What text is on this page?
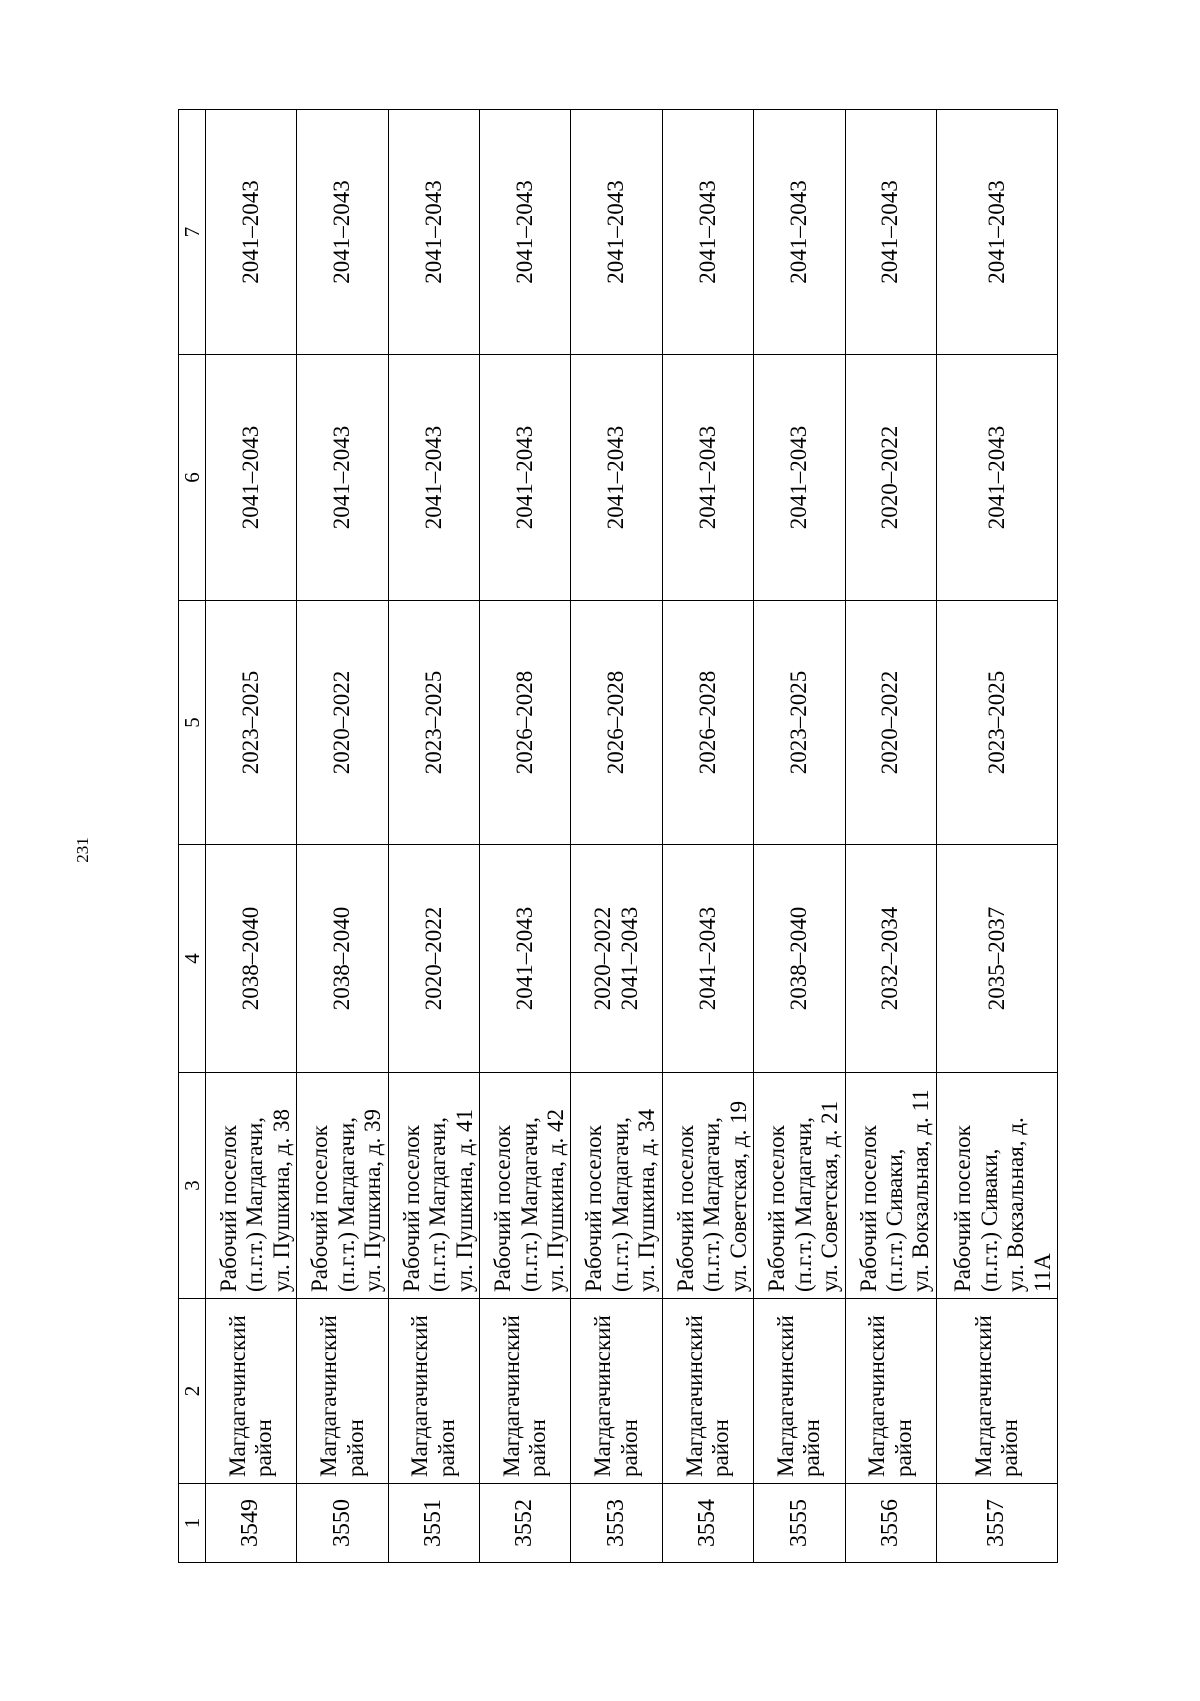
231
1	2	3	4	5	6	7
3549	Магдагачинский район	Рабочий поселок (п.г.т.) Магдагачи, ул. Пушкина, д. 38	2038–2040	2023–2025	2041–2043	2041–2043
3550	Магдагачинский район	Рабочий поселок (п.г.т.) Магдагачи, ул. Пушкина, д. 39	2038–2040	2020–2022	2041–2043	2041–2043
3551	Магдагачинский район	Рабочий поселок (п.г.т.) Магдагачи, ул. Пушкина, д. 41	2020–2022	2023–2025	2041–2043	2041–2043
3552	Магдагачинский район	Рабочий поселок (п.г.т.) Магдагачи, ул. Пушкина, д. 42	2041–2043	2026–2028	2041–2043	2041–2043
3553	Магдагачинский район	Рабочий поселок (п.г.т.) Магдагачи, ул. Пушкина, д. 34	2020–2022 2041–2043	2026–2028	2041–2043	2041–2043
3554	Магдагачинский район	Рабочий поселок (п.г.т.) Магдагачи, ул. Советская, д. 19	2041–2043	2026–2028	2041–2043	2041–2043
3555	Магдагачинский район	Рабочий поселок (п.г.т.) Магдагачи, ул. Советская, д. 21	2038–2040	2023–2025	2041–2043	2041–2043
3556	Магдагачинский район	Рабочий поселок (п.г.т.) Сиваки, ул. Вокзальная, д. 11	2032–2034	2020–2022	2020–2022	2041–2043
3557	Магдагачинский район	Рабочий поселок (п.г.т.) Сиваки, ул. Вокзальная, д. 11А	2035–2037	2023–2025	2041–2043	2041–2043
